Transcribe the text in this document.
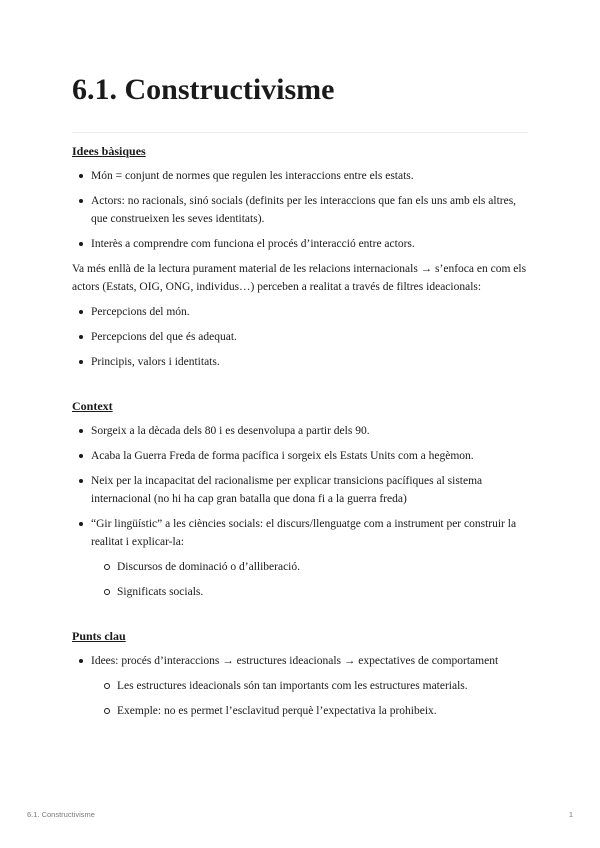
6.1. Constructivisme
Idees bàsiques
Món = conjunt de normes que regulen les interaccions entre els estats.
Actors: no racionals, sinó socials (definits per les interaccions que fan els uns amb els altres, que construeixen les seves identitats).
Interès a comprendre com funciona el procés d’interacció entre actors.

Va més enllà de la lectura purament material de les relacions internacionals → s’enfoca en com els actors (Estats, OIG, ONG, individus…) perceben a realitat a través de filtres ideacionals:

Percepcions del món.
Percepcions del que és adequat.
Principis, valors i identitats.
Context
Sorgeix a la dècada dels 80 i es desenvolupa a partir dels 90.
Acaba la Guerra Freda de forma pacífica i sorgeix els Estats Units com a hegèmon.
Neix per la incapacitat del racionalisme per explicar transicions pacífiques al sistema internacional (no hi ha cap gran batalla que dona fi a la guerra freda)
“Gir lingüístic” a les ciències socials: el discurs/llenguatge com a instrument per construir la realitat i explicar-la:
Discursos de dominació o d’alliberació.
Significats socials.
Punts clau
Idees: procés d’interaccions → estructures ideacionals → expectatives de comportament
Les estructures ideacionals són tan importants com les estructures materials.
Exemple: no es permet l’esclavitud perquè l’expectativa la prohibeix.
6.1. Constructivisme	1
